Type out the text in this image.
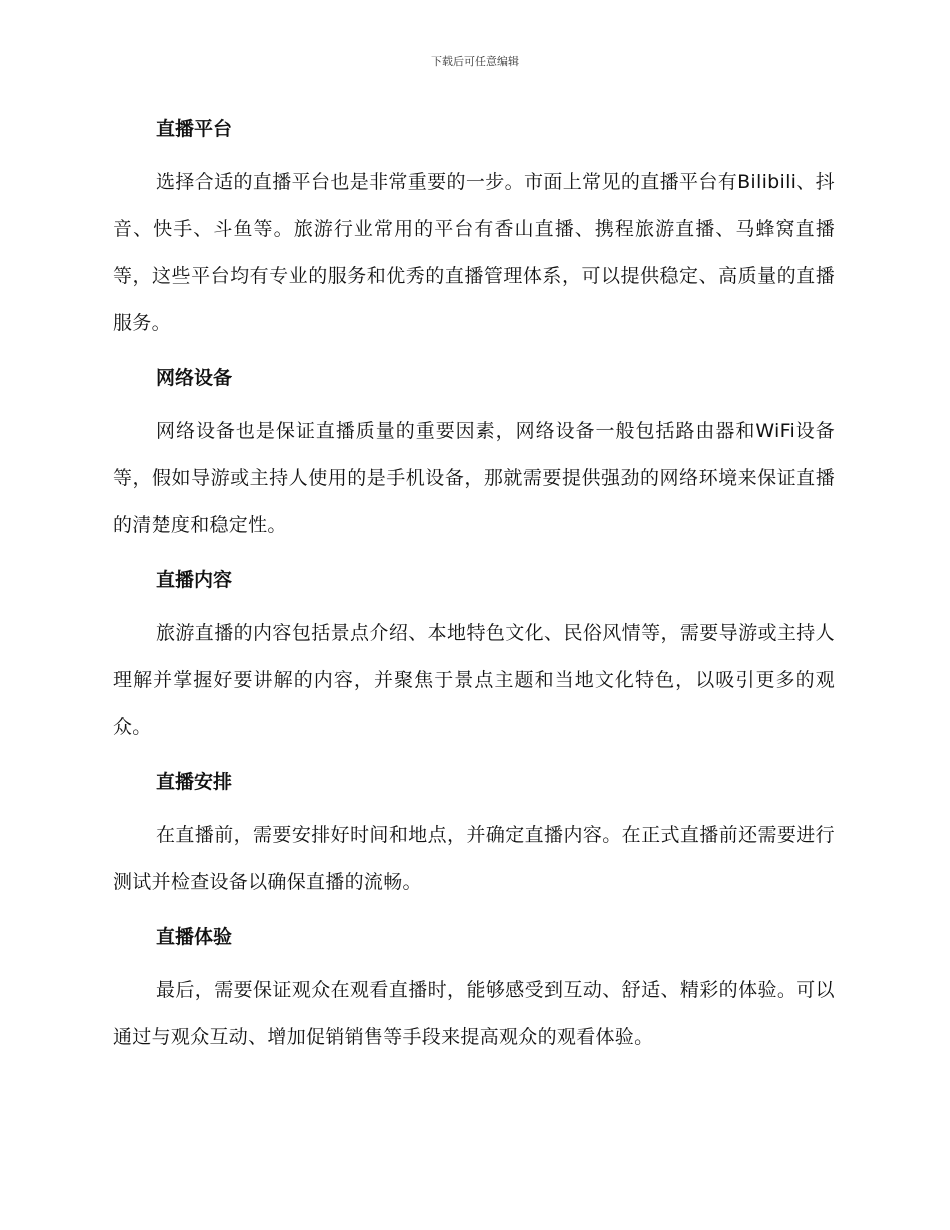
下载后可任意编辑
直播平台

选择合适的直播平台也是非常重要的一步。市面上常见的直播平台有Bilibili、抖音、快手、斗鱼等。旅游行业常用的平台有香山直播、携程旅游直播、马蜂窝直播等，这些平台均有专业的服务和优秀的直播管理体系，可以提供稳定、高质量的直播服务。

网络设备

网络设备也是保证直播质量的重要因素，网络设备一般包括路由器和WiFi设备等，假如导游或主持人使用的是手机设备，那就需要提供强劲的网络环境来保证直播的清楚度和稳定性。

直播内容

旅游直播的内容包括景点介绍、本地特色文化、民俗风情等，需要导游或主持人理解并掌握好要讲解的内容，并聚焦于景点主题和当地文化特色，以吸引更多的观众。

直播安排

在直播前，需要安排好时间和地点，并确定直播内容。在正式直播前还需要进行测试并检查设备以确保直播的流畅。

直播体验

最后，需要保证观众在观看直播时，能够感受到互动、舒适、精彩的体验。可以通过与观众互动、增加促销销售等手段来提高观众的观看体验。
